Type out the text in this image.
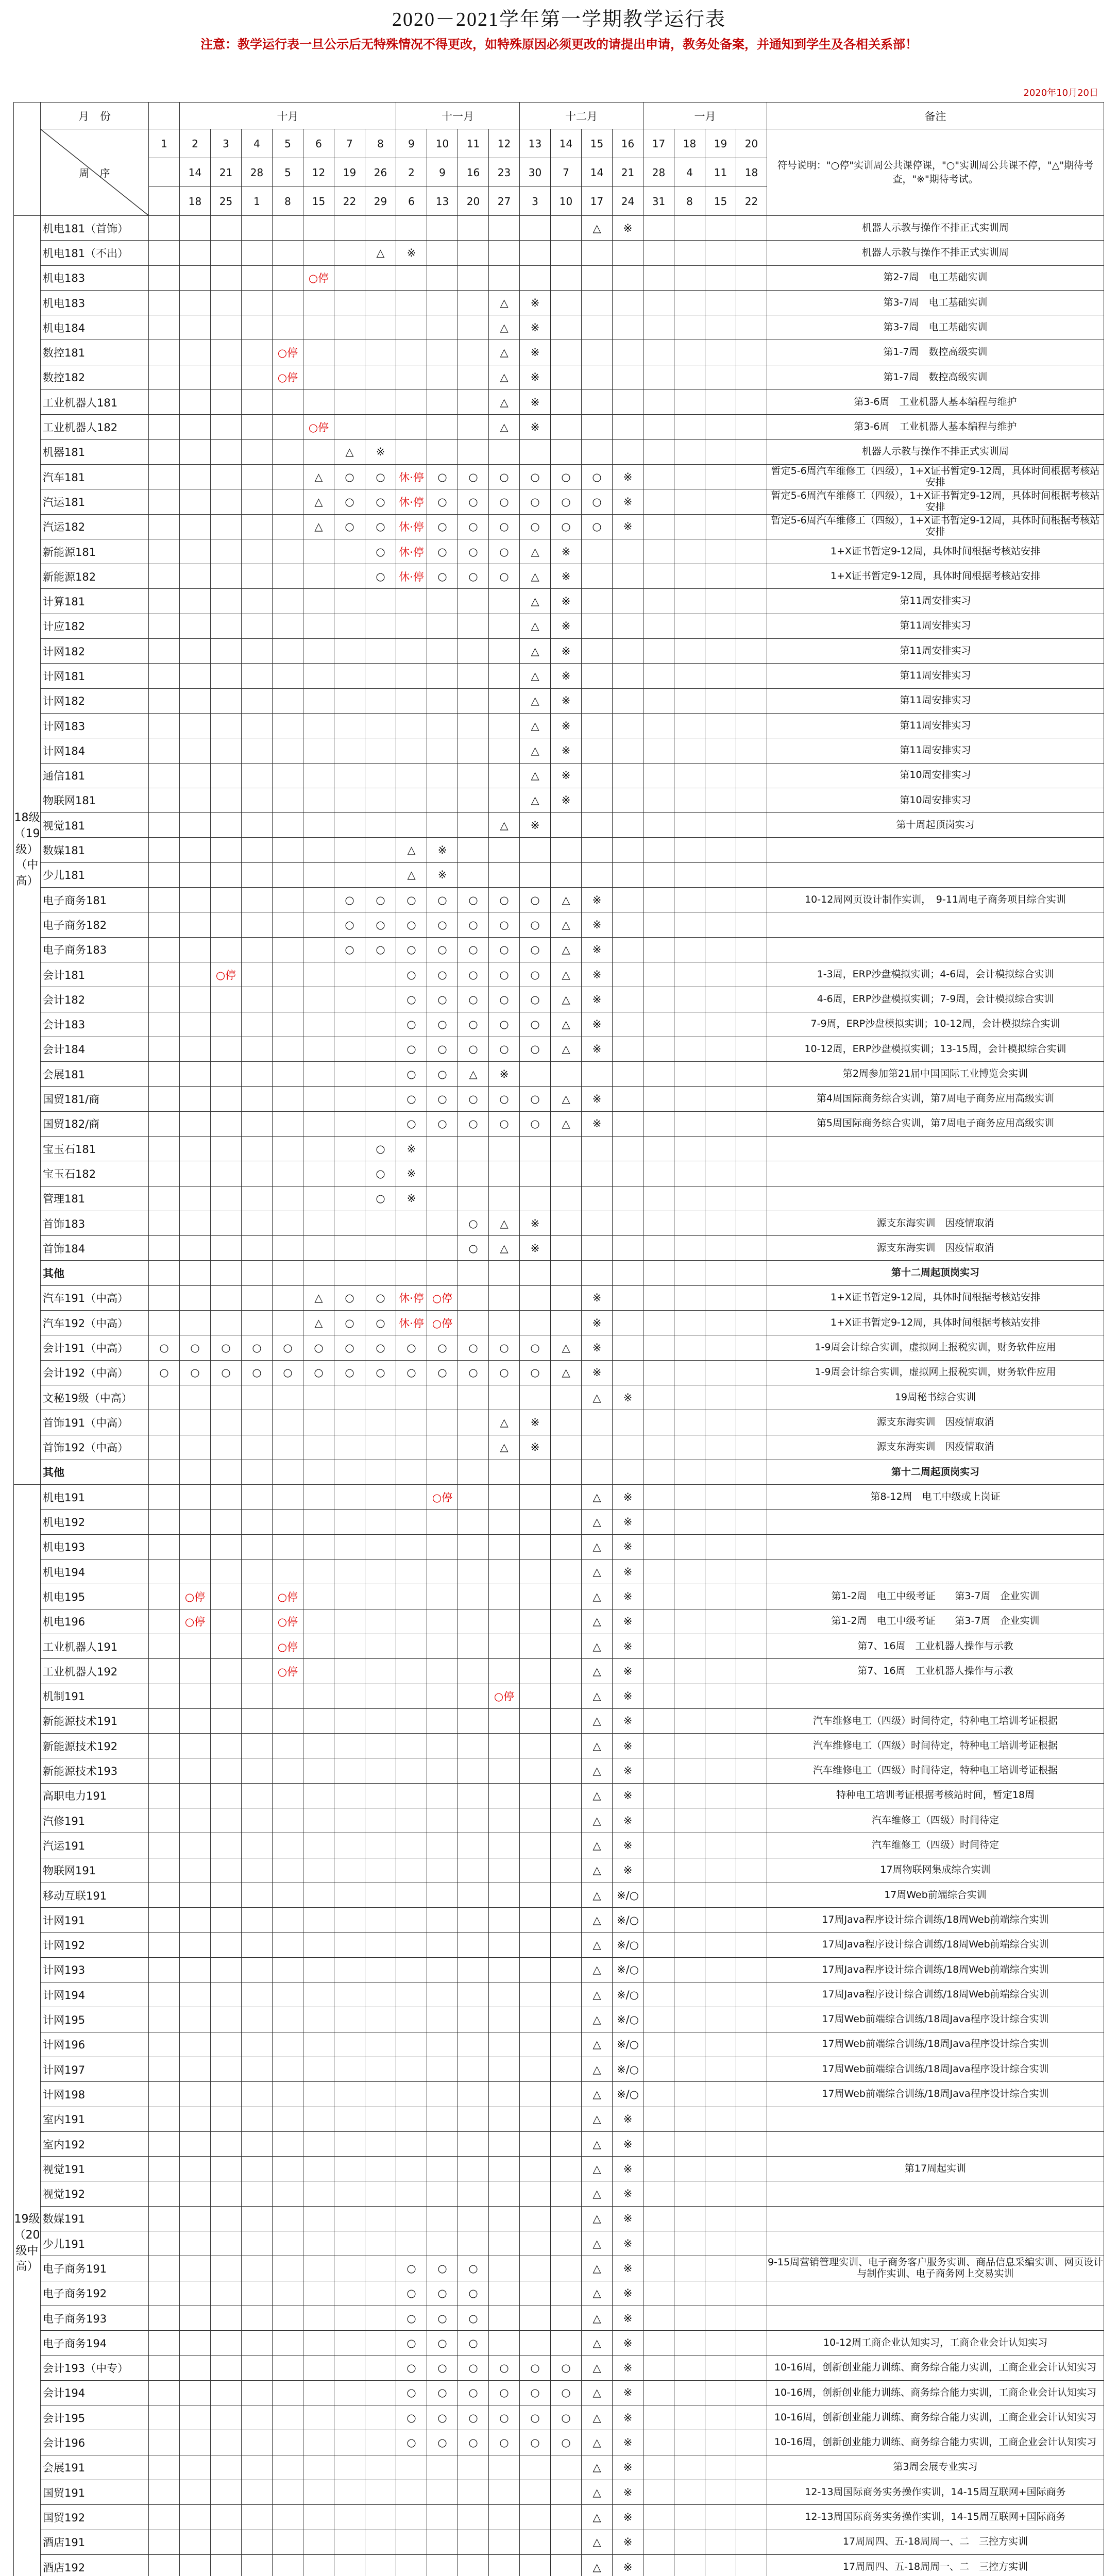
2020－2021学年第一学期教学运行表
注意：教学运行表一旦公示后无特殊情况不得更改，如特殊原因必须更改的请提出申请，教务处备案，并通知到学生及各相关系部！
2020年10月20日
	月　份		十月							十一月				十二月				一月				备注

周　序	1	2	3	4	5	6	7	8	9	10	11	12	13	14	15	16	17	18	19	20	符号说明："○停"实训周公共课停课，"○"实训周公共课不停，"△"期待考查，"※"期待考试。
			14	21	28	5	12	19	26	2	9	16	23	30	7	14	21	28	4	11	18	
			18	25	1	8	15	22	29	6	13	20	27	3	10	17	24	31	8	15	22	
18级（19级）（中高）	机电181（首饰）															△	※					机器人示教与操作不排正式实训周
	机电181（不出）								△	※												机器人示教与操作不排正式实训周
	机电183						○停															第2-7周　电工基础实训
	机电183												△	※								第3-7周　电工基础实训
	机电184												△	※								第3-7周　电工基础实训
	数控181					○停							△	※								第1-7周　数控高级实训
	数控182					○停							△	※								第1-7周　数控高级实训
	工业机器人181												△	※								第3-6周　工业机器人基本编程与维护
	工业机器人182						○停						△	※								第3-6周　工业机器人基本编程与维护
	机器181							△	※													机器人示教与操作不排正式实训周
	汽车181						△	○	○	休·停	○	○	○	○	○	○	※					暂定5-6周汽车维修工（四级），1+X证书暂定9-12周，具体时间根据考核站安排
	汽运181						△	○	○	休·停	○	○	○	○	○	○	※					暂定5-6周汽车维修工（四级），1+X证书暂定9-12周，具体时间根据考核站安排
	汽运182						△	○	○	休·停	○	○	○	○	○	○	※					暂定5-6周汽车维修工（四级），1+X证书暂定9-12周，具体时间根据考核站安排
	新能源181								○	休·停	○	○	○	△	※							1+X证书暂定9-12周，具体时间根据考核站安排
	新能源182								○	休·停	○	○	○	△	※							1+X证书暂定9-12周，具体时间根据考核站安排
	计算181													△	※							第11周安排实习
	计应182													△	※							第11周安排实习
	计网182													△	※							第11周安排实习
	计网181													△	※							第11周安排实习
	计网182													△	※							第11周安排实习
	计网183													△	※							第11周安排实习
	计网184													△	※							第11周安排实习
	通信181													△	※							第10周安排实习
	物联网181													△	※							第10周安排实习
	视觉181												△	※								第十周起顶岗实习
	数媒181									△	※											
	少儿181									△	※											
	电子商务181							○	○	○	○	○	○	○	△	※						10-12周网页设计制作实训，　9-11周电子商务项目综合实训
	电子商务182							○	○	○	○	○	○	○	△	※						
	电子商务183							○	○	○	○	○	○	○	△	※						
	会计181			○停						○	○	○	○	○	△	※						1-3周，ERP沙盘模拟实训；4-6周，会计模拟综合实训
	会计182									○	○	○	○	○	△	※						4-6周，ERP沙盘模拟实训；7-9周，会计模拟综合实训
	会计183									○	○	○	○	○	△	※						7-9周，ERP沙盘模拟实训；10-12周，会计模拟综合实训
	会计184									○	○	○	○	○	△	※						10-12周，ERP沙盘模拟实训；13-15周，会计模拟综合实训
	会展181									○	○	△	※									第2周参加第21届中国国际工业博览会实训
	国贸181/商									○	○	○	○	○	△	※						第4周国际商务综合实训，第7周电子商务应用高级实训
	国贸182/商									○	○	○	○	○	△	※						第5周国际商务综合实训，第7周电子商务应用高级实训
	宝玉石181								○	※												
	宝玉石182								○	※												
	管理181								○	※												
	首饰183											○	△	※								源支东海实训　因疫情取消
	首饰184											○	△	※								源支东海实训　因疫情取消
	其他																					第十二周起顶岗实习
	汽车191（中高）						△	○	○	休·停	○停					※						1+X证书暂定9-12周，具体时间根据考核站安排
	汽车192（中高）						△	○	○	休·停	○停					※						1+X证书暂定9-12周，具体时间根据考核站安排
	会计191（中高）	○	○	○	○	○	○	○	○	○	○	○	○	○	△	※						1-9周会计综合实训，虚拟网上报税实训，财务软件应用
	会计192（中高）	○	○	○	○	○	○	○	○	○	○	○	○	○	△	※						1-9周会计综合实训，虚拟网上报税实训，财务软件应用
	文秘19级（中高）															△	※					19周秘书综合实训
	首饰191（中高）												△	※								源支东海实训　因疫情取消
	首饰192（中高）												△	※								源支东海实训　因疫情取消
	其他																					第十二周起顶岗实习
19级（20级中高）	机电191										○停					△	※					第8-12周　电工中级或上岗证
	机电192															△	※					
	机电193															△	※					
	机电194															△	※					
	机电195		○停			○停										△	※					第1-2周　电工中级考证　　第3-7周　企业实训
	机电196		○停			○停										△	※					第1-2周　电工中级考证　　第3-7周　企业实训
	工业机器人191					○停										△	※					第7、16周　工业机器人操作与示教
	工业机器人192					○停										△	※					第7、16周　工业机器人操作与示教
	机制191												○停			△	※					
	新能源技术191															△	※					汽车维修电工（四级）时间待定，特种电工培训考证根据
	新能源技术192															△	※					汽车维修电工（四级）时间待定，特种电工培训考证根据
	新能源技术193															△	※					汽车维修电工（四级）时间待定，特种电工培训考证根据
	高职电力191															△	※					特种电工培训考证根据考核站时间，暂定18周
	汽修191															△	※					汽车维修工（四级）时间待定
	汽运191															△	※					汽车维修工（四级）时间待定
	物联网191															△	※					17周物联网集成综合实训
	移动互联191															△	※/○					17周Web前端综合实训
	计网191															△	※/○					17周Java程序设计综合训练/18周Web前端综合实训
	计网192															△	※/○					17周Java程序设计综合训练/18周Web前端综合实训
	计网193															△	※/○					17周Java程序设计综合训练/18周Web前端综合实训
	计网194															△	※/○					17周Java程序设计综合训练/18周Web前端综合实训
	计网195															△	※/○					17周Web前端综合训练/18周Java程序设计综合实训
	计网196															△	※/○					17周Web前端综合训练/18周Java程序设计综合实训
	计网197															△	※/○					17周Web前端综合训练/18周Java程序设计综合实训
	计网198															△	※/○					17周Web前端综合训练/18周Java程序设计综合实训
	室内191															△	※					
	室内192															△	※					
	视觉191															△	※					第17周起实训
	视觉192															△	※					
	数媒191															△	※					
	少儿191															△	※					
	电子商务191									○	○	○				△	※					9-15周营销管理实训、电子商务客户服务实训、商品信息采编实训、网页设计与制作实训、电子商务网上交易实训
	电子商务192									○	○	○				△	※					
	电子商务193									○	○	○				△	※					
	电子商务194									○	○	○				△	※					10-12周工商企业认知实习，工商企业会计认知实习
	会计193（中专）									○	○	○	○	○	○	△	※					10-16周，创新创业能力训练、商务综合能力实训，工商企业会计认知实习
	会计194									○	○	○	○	○	○	△	※					10-16周，创新创业能力训练、商务综合能力实训，工商企业会计认知实习
	会计195									○	○	○	○	○	○	△	※					10-16周，创新创业能力训练、商务综合能力实训，工商企业会计认知实习
	会计196									○	○	○	○	○	○	△	※					10-16周，创新创业能力训练、商务综合能力实训，工商企业会计认知实习
	会展191															△	※					第3周会展专业实习
	国贸191															△	※					12-13周国际商务实务操作实训，14-15周互联网+国际商务
	国贸192															△	※					12-13周国际商务实务操作实训，14-15周互联网+国际商务
	酒店191															△	※					17周周四、五-18周周一、二　三控方实训
	酒店192															△	※					17周周四、五-18周周一、二　三控方实训
